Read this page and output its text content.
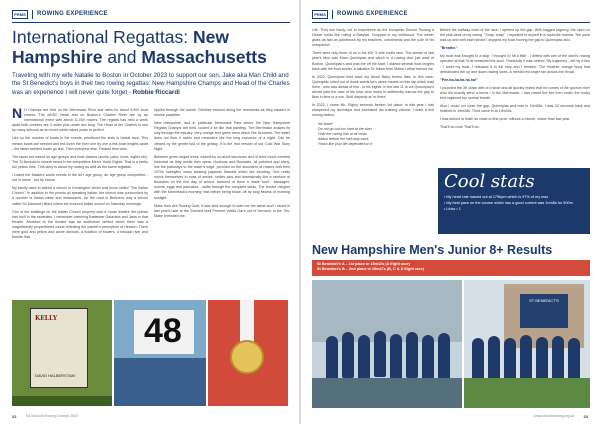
PRMS	ROWING EXPERIENCE
International Regattas: New Hampshire and Massachusetts

Traveling with my wife Natalie to Boston in October 2023 to support our son, Jake aka Man Child and the St Benedict's boys in their two rowing regattas: New Hampshire Champs and Head of the Charles was an experience I will never quite forget - Robbie Riccardi

N H Champs are held on the Merrimack River and rates for about 5,000 local rowers. The NHSC Head and on Boston's Charles River are by an international event with about 11,000 rowers. The regatta has held a week apart both courses are 3 miles plus under two long. The Head of the Charles is one by many schools as an event which takes years to perfect.

Like so the number of boats in the events, prioritized the slots is heads race. This means boats are seeded and fed down the river one by one a few boat lengths apart - the faster seeded boats go first. Then everyone else. Fastest time wins.

The races are based on age groups and boat classes (sculls, pairs, fours, eights etc). The St Benedict's rowers raced in the competitive Men's Youth Eights. That is a pretty fun yellow time. This story is about my rowing as well as the same regattas.

I rowed the Masters sculls events in the 60+ age group, an age group competitive - not in name - but by nature.

My family used to attend a church in Kensington which was know called "The Italian Church". In addition to the priests all speaking Italian, the church was surrounded by a number of Italian cafes and restaurants. Up the road in Bertrams way a school called Sir Edmund Hillary where we endured Italian school on Saturday mornings.

One of the buildings on the Italian Church property was a movie theatre the priests had built in the seventies. I remember watching Battlestar Galactica and Jaws in that theatre. Annexed to the theatre was an auditorium behind which there was a magnificently proportioned mural reflecting the painter's perception of Heaven. There were gold and yellow and azure animals, a flotation of flowers, a tranquil river and forests that

rippled through the scene. Families relaxed along the riverbanks as they basked in eternal paradise.

New Hampshire, and in particular Merrimack Park where the New Hampshire Regatta Champs are held, looked a lot like that painting. The Merrimack snakes its way through the estuary. Very orange and green trees which line its banks. The water does not flow, it swirls and meanders like the long exposure of a night. Can be viewed by the gentle fold of the grassy. It is the real version of our Cold War Story Night.

Between green tinged trees, tucked by so-aloof structures and of their much-coveted historical as they would then spear, Hudsons and Boonsies, all polished and shiny, line the pathways to the water's edge, perched on the shoulders of rowers with their 1970s hairstyles many wearing pajamas flannels which are trending. One really struck themselves in rows of smiles, smiles plus and dramatically like a rainbow of Boonsies on the first day of school. Adorned of them a made food - sausages, onions, eggs and pancakes - wafts through the complete lands. The smoke mingles with the Merrimack's morning mist before being blown off by slog beams of morning sunlight.

Make from Ark Rowing Club, it was kind enough to loan me the same scull I raced in last year's race at the Gannett shell Premier Vitello Oar's out of Vermont. In the 70s, Make reminded me.

KELLY
DAVID HALBERSTAM
48
22	SA Schools Rowing Champs 2024
PRMS	ROWING EXPERIENCE

Life. They are hardy, not to experience as the European Diondo Rowing a Dinner holds like rolling a Babyset. Dropped in my childhood. The newer glues as fast as paintbrush by his teachers, condiments and the sole of his companion.

There were only three of us in the 60+ 3 mile sculls race. The winner of last year's race was Elam Quinnipiac and which in a rowing club just west of Boston. Quinnipiac's and was the off the start. I started several boat lengths back with the final sculler, a talkative Dr fellow from Maine Lothar behind me.

In 2022, Quinnipiac held back my friend Barry ferries their, In this case, Quinnipiac rolled out of those words he's races means on this lap which lead them - who was ahead of him - in his eights. In the last 11 to cut Quinnipiac's ahead past the race of his near view motor is sufficiently narrow the gap to 8km in time to a win. Stuff disparity at 'er there'.

In 2022, I came 4th. Eighty seconds behind 1st place. In this year I had sharpened my technique and increased the training volume. I leant a few rowing tactics:

No brave
Do not go out too hard at the start
Hold the racing line at all costs
Attack before the half-way mark
Finish like your life depended on it

Before the halfway mark of the race, I opened up the gap. With sagged urgency, the open on the side-deck of my racing. "Snap, snap", I repeated to myself in a rapid-fire mantra. The pace was up and with each stroke I stopped my boat moving the gap to Quinnipiac and.

"Breathe."

My boat was brought to a stop. I thought I'd hit a little - I drifted with one of the shell's rowing operator at that I'd at breached the scull. Thankfully it was neither. My trajectory - left by a few - I reset my boat. I released it to full stop and I breathe. The Heather orange buoy that demarcated the up and down rowing lanes. A mental red anger ran across the throat.

"Pee-ha-ha-ha-ha-ha!"

I pounded the 3K down with of a short and all quickly rested that he comes of the quorum river who did exactly send a burns I in the Merrimack. I had rowed the bar from under the cocky bird regained my normal breath.

Also I could not close the gap. Quinnipiac and now in 19m56s. I was 32 seconds back and finished in 19m28s. Third came in at 19m45s.

I was stoked to finish so close to first prize, without a minute, closer than last year.

That'll do now! That'll do.

Cool stats
• My heart rate maxed out at 179bpm which is 97% of my max
• My best pace on the course which has a good current was 1m48s for 500m
• Links • 1
New Hampshire Men's Junior 8+ Results
St Benedict's A – 1st place in 15m12s (A Eight race)
St Benedict's B – 2nd place in 15m27s (B, C & D Eight race)
ST BENEDICT'S
www.schoolsrowing.org.za 23
